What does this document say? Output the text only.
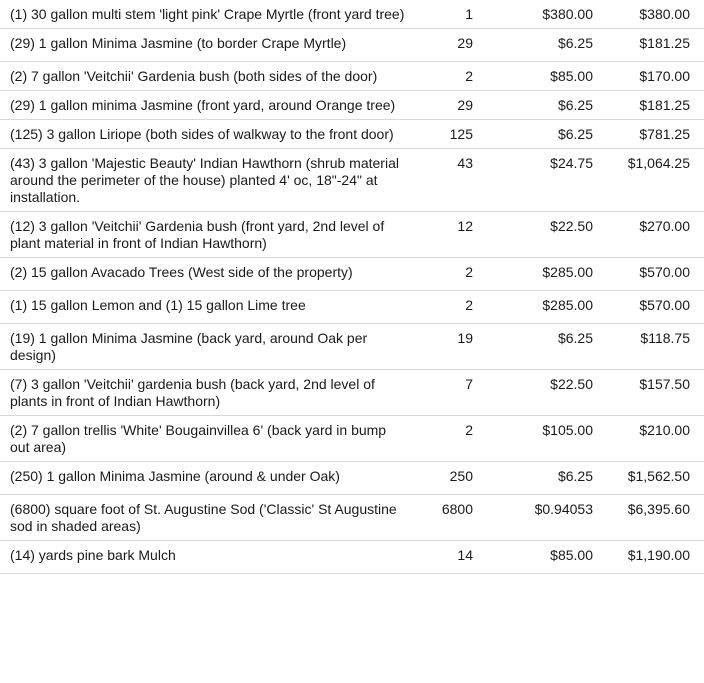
(1) 30 gallon multi stem 'light pink' Crape Myrtle (front yard tree)	1	$380.00	$380.00

(29) 1 gallon Minima Jasmine (to border Crape Myrtle)	29	$6.25	$181.25

(2) 7 gallon 'Veitchii' Gardenia bush (both sides of the door)	2	$85.00	$170.00

(29) 1 gallon minima Jasmine (front yard, around Orange tree)	29	$6.25	$181.25

(125) 3 gallon Liriope (both sides of walkway to the front door)	125	$6.25	$781.25

(43) 3 gallon 'Majestic Beauty' Indian Hawthorn (shrub material around the perimeter of the house) planted 4' oc, 18"-24" at installation.	43	$24.75	$1,064.25

(12) 3 gallon 'Veitchii' Gardenia bush (front yard, 2nd level of plant material in front of Indian Hawthorn)	12	$22.50	$270.00

(2) 15 gallon Avacado Trees (West side of the property)	2	$285.00	$570.00

(1) 15 gallon Lemon and (1) 15 gallon Lime tree	2	$285.00	$570.00

(19) 1 gallon Minima Jasmine (back yard, around Oak per design)	19	$6.25	$118.75

(7) 3 gallon 'Veitchii' gardenia bush (back yard, 2nd level of plants in front of Indian Hawthorn)	7	$22.50	$157.50

(2) 7 gallon trellis 'White' Bougainvillea 6' (back yard in bump out area)	2	$105.00	$210.00

(250) 1 gallon Minima Jasmine (around & under Oak)	250	$6.25	$1,562.50

(6800) square foot of St. Augustine Sod ('Classic' St Augustine sod in shaded areas)	6800	$0.94053	$6,395.60

(14) yards pine bark Mulch	14	$85.00	$1,190.00
